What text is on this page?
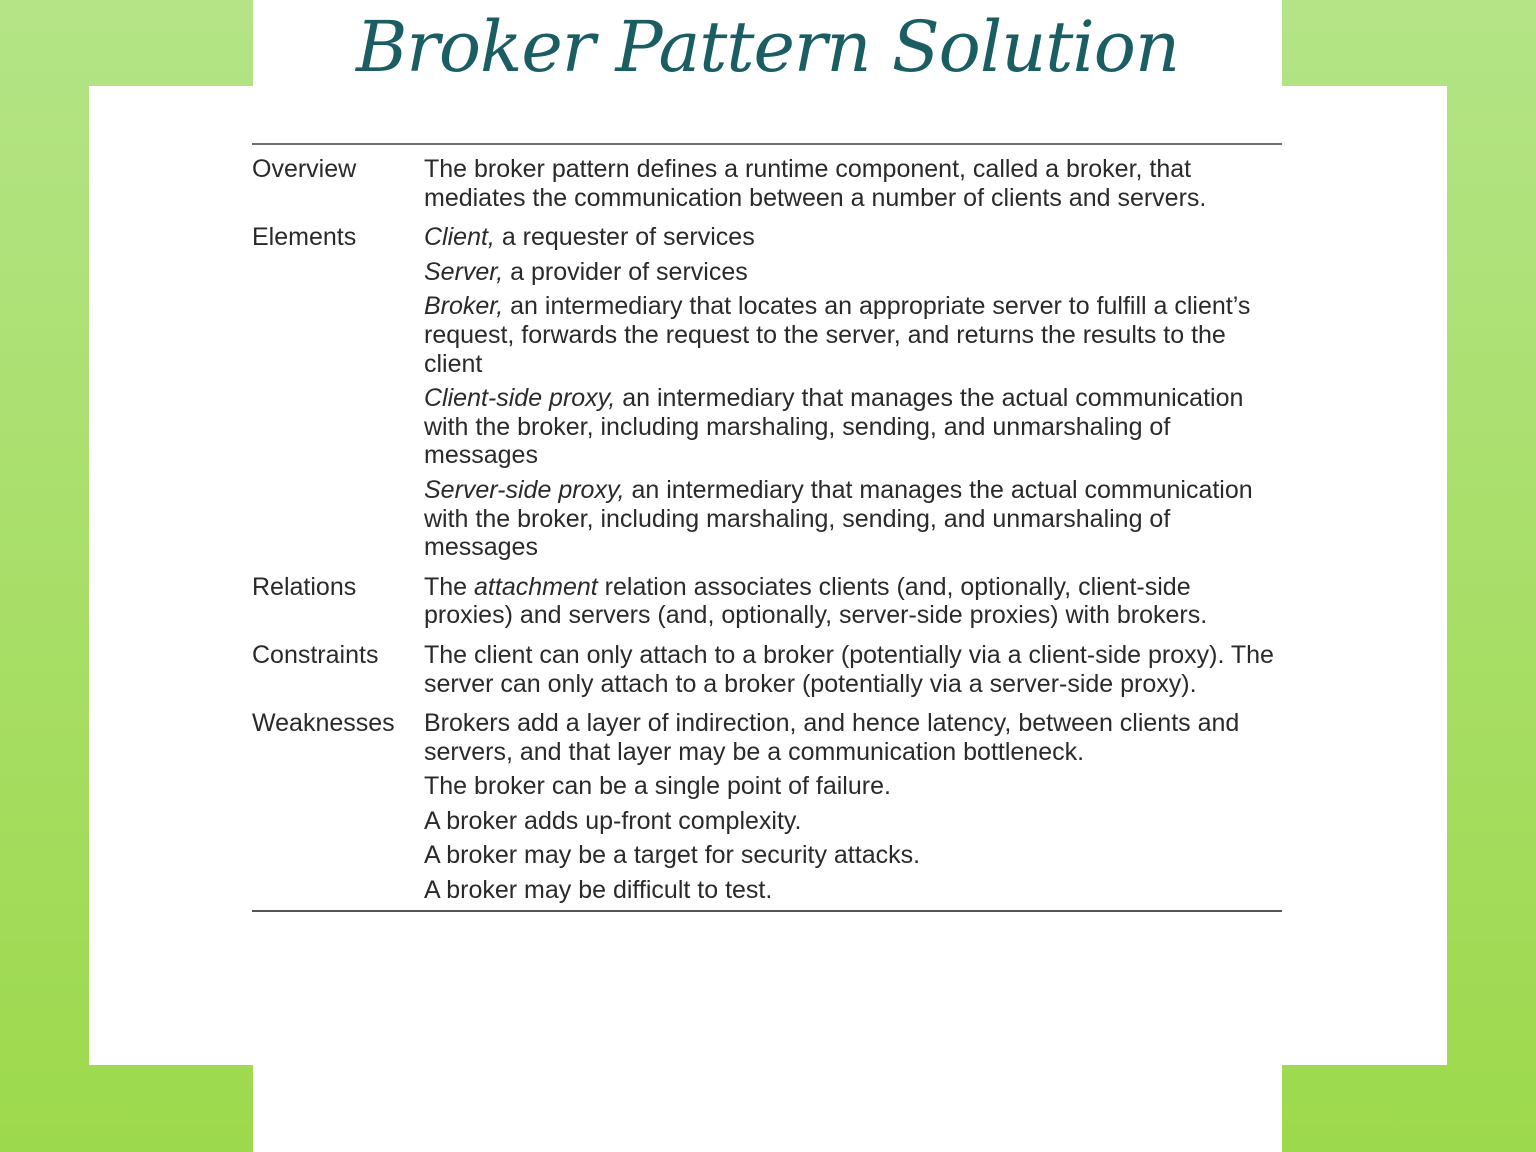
Broker Pattern Solution
Overview	The broker pattern defines a runtime component, called a broker, that mediates the communication between a number of clients and servers.
Elements	Client, a requester of services
Server, a provider of services
Broker, an intermediary that locates an appropriate server to fulfill a client’s request, forwards the request to the server, and returns the results to the client
Client-side proxy, an intermediary that manages the actual communication with the broker, including marshaling, sending, and unmarshaling of messages
Server-side proxy, an intermediary that manages the actual communication with the broker, including marshaling, sending, and unmarshaling of messages
Relations	The attachment relation associates clients (and, optionally, client-side proxies) and servers (and, optionally, server-side proxies) with brokers.
Constraints	The client can only attach to a broker (potentially via a client-side proxy). The server can only attach to a broker (potentially via a server-side proxy).
Weaknesses	Brokers add a layer of indirection, and hence latency, between clients and servers, and that layer may be a communication bottleneck.
The broker can be a single point of failure.
A broker adds up-front complexity.
A broker may be a target for security attacks.
A broker may be difficult to test.
